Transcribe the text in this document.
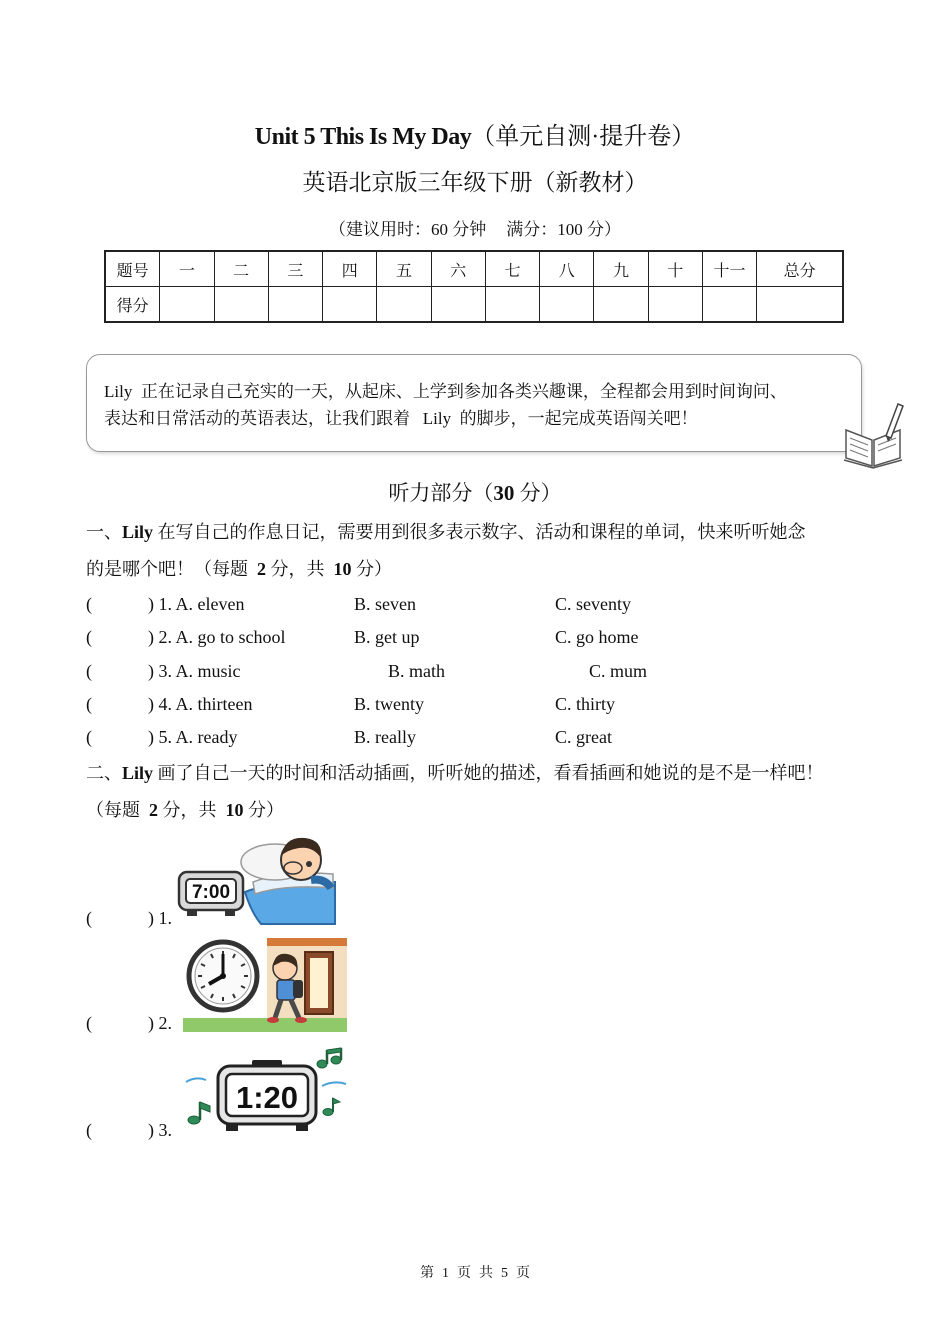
Unit 5 This Is My Day（单元自测·提升卷）
英语北京版三年级下册（新教材）
（建议用时：60 分钟 满分：100 分）
题号	一	二	三	四	五	六	七	八	九	十	十一	总分
得分												
Lily  正在记录自己充实的一天，从起床、上学到参加各类兴趣课，全程都会用到时间询问、
表达和日常活动的英语表达，让我们跟着   Lily  的脚步，一起完成英语闯关吧！
听力部分（30 分）
一、Lily 在写自己的作息日记，需要用到很多表示数字、活动和课程的单词，快来听听她念
的是哪个吧！（每题  2 分，共  10 分）
(	) 1. A. eleven	B. seven	C. seventy
(	) 2. A. go to school	B. get up	C. go home
(	) 3. A. music	B. math	C. mum
(	) 4. A. thirteen	B. twenty	C. thirty
(	) 5. A. ready	B. really	C. great
二、Lily 画了自己一天的时间和活动插画，听听她的描述，看看插画和她说的是不是一样吧！
（每题  2 分，共  10 分）
(	) 1.
7:00
(	) 2.
(	) 3.
1:20
第 1 页 共 5 页
